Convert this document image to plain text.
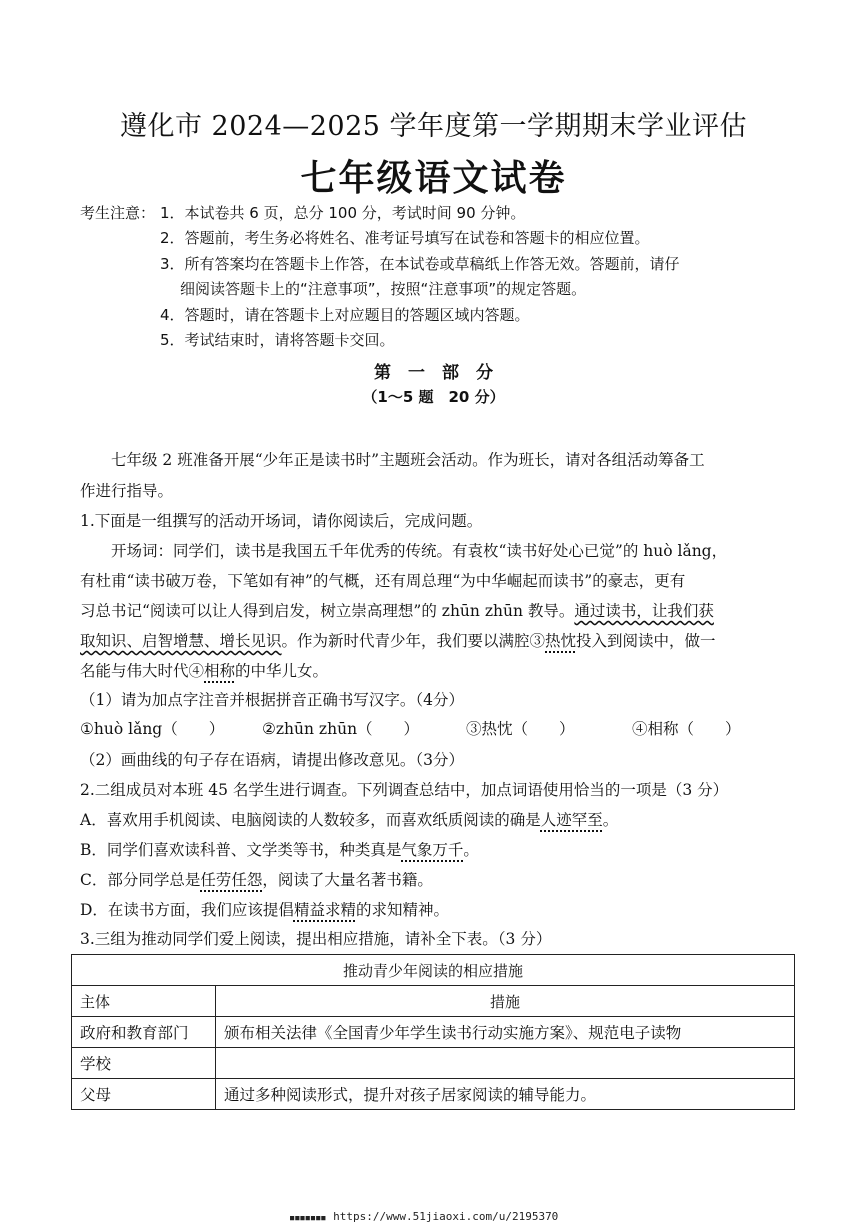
遵化市 2024—2025 学年度第一学期期末学业评估
七年级语文试卷
考生注意： 1．本试卷共 6 页，总分 100 分，考试时间 90 分钟。
2．答题前，考生务必将姓名、准考证号填写在试卷和答题卡的相应位置。
3．所有答案均在答题卡上作答，在本试卷或草稿纸上作答无效。答题前，请仔
细阅读答题卡上的“注意事项”，按照“注意事项”的规定答题。
4．答题时，请在答题卡上对应题目的答题区域内答题。
5．考试结束时，请将答题卡交回。
第　一　部　分
（1～5 题　20 分）
七年级 2 班准备开展“少年正是读书时”主题班会活动。作为班长，请对各组活动筹备工
作进行指导。
1.下面是一组撰写的活动开场词，请你阅读后，完成问题。
开场词：同学们，读书是我国五千年优秀的传统。有袁枚“读书好处心已觉”的 huò lǎng，
有杜甫“读书破万卷，下笔如有神”的气概，还有周总理“为中华崛起而读书”的豪志，更有
习总书记“阅读可以让人得到启发，树立崇高理想”的 zhūn zhūn 教导。通过读书，让我们获
取知识、启智增慧、增长见识。作为新时代青少年，我们要以满腔③热忱投入到阅读中，做一
名能与伟大时代④相称的中华儿女。
（1）请为加点字注音并根据拼音正确书写汉字。（4分）
①huò lǎng（　　） ②zhūn zhūn（　　）	③热忱（　　）	④相称（　　）
（2）画曲线的句子存在语病，请提出修改意见。（3分）
2.二组成员对本班 45 名学生进行调查。下列调查总结中，加点词语使用恰当的一项是（3 分）
A．喜欢用手机阅读、电脑阅读的人数较多，而喜欢纸质阅读的确是人迹罕至。
B．同学们喜欢读科普、文学类等书，种类真是气象万千。
C．部分同学总是任劳任怨，阅读了大量名著书籍。
D．在读书方面，我们应该提倡精益求精的求知精神。
3.三组为推动同学们爱上阅读，提出相应措施，请补全下表。（3 分）
推动青少年阅读的相应措施	
主体	措施
政府和教育部门	颁布相关法律《全国青少年学生读书行动实施方案》、规范电子读物
学校	
父母	通过多种阅读形式，提升对孩子居家阅读的辅导能力。
■■■■■■■ https://www.51jiaoxi.com/u/2195370
